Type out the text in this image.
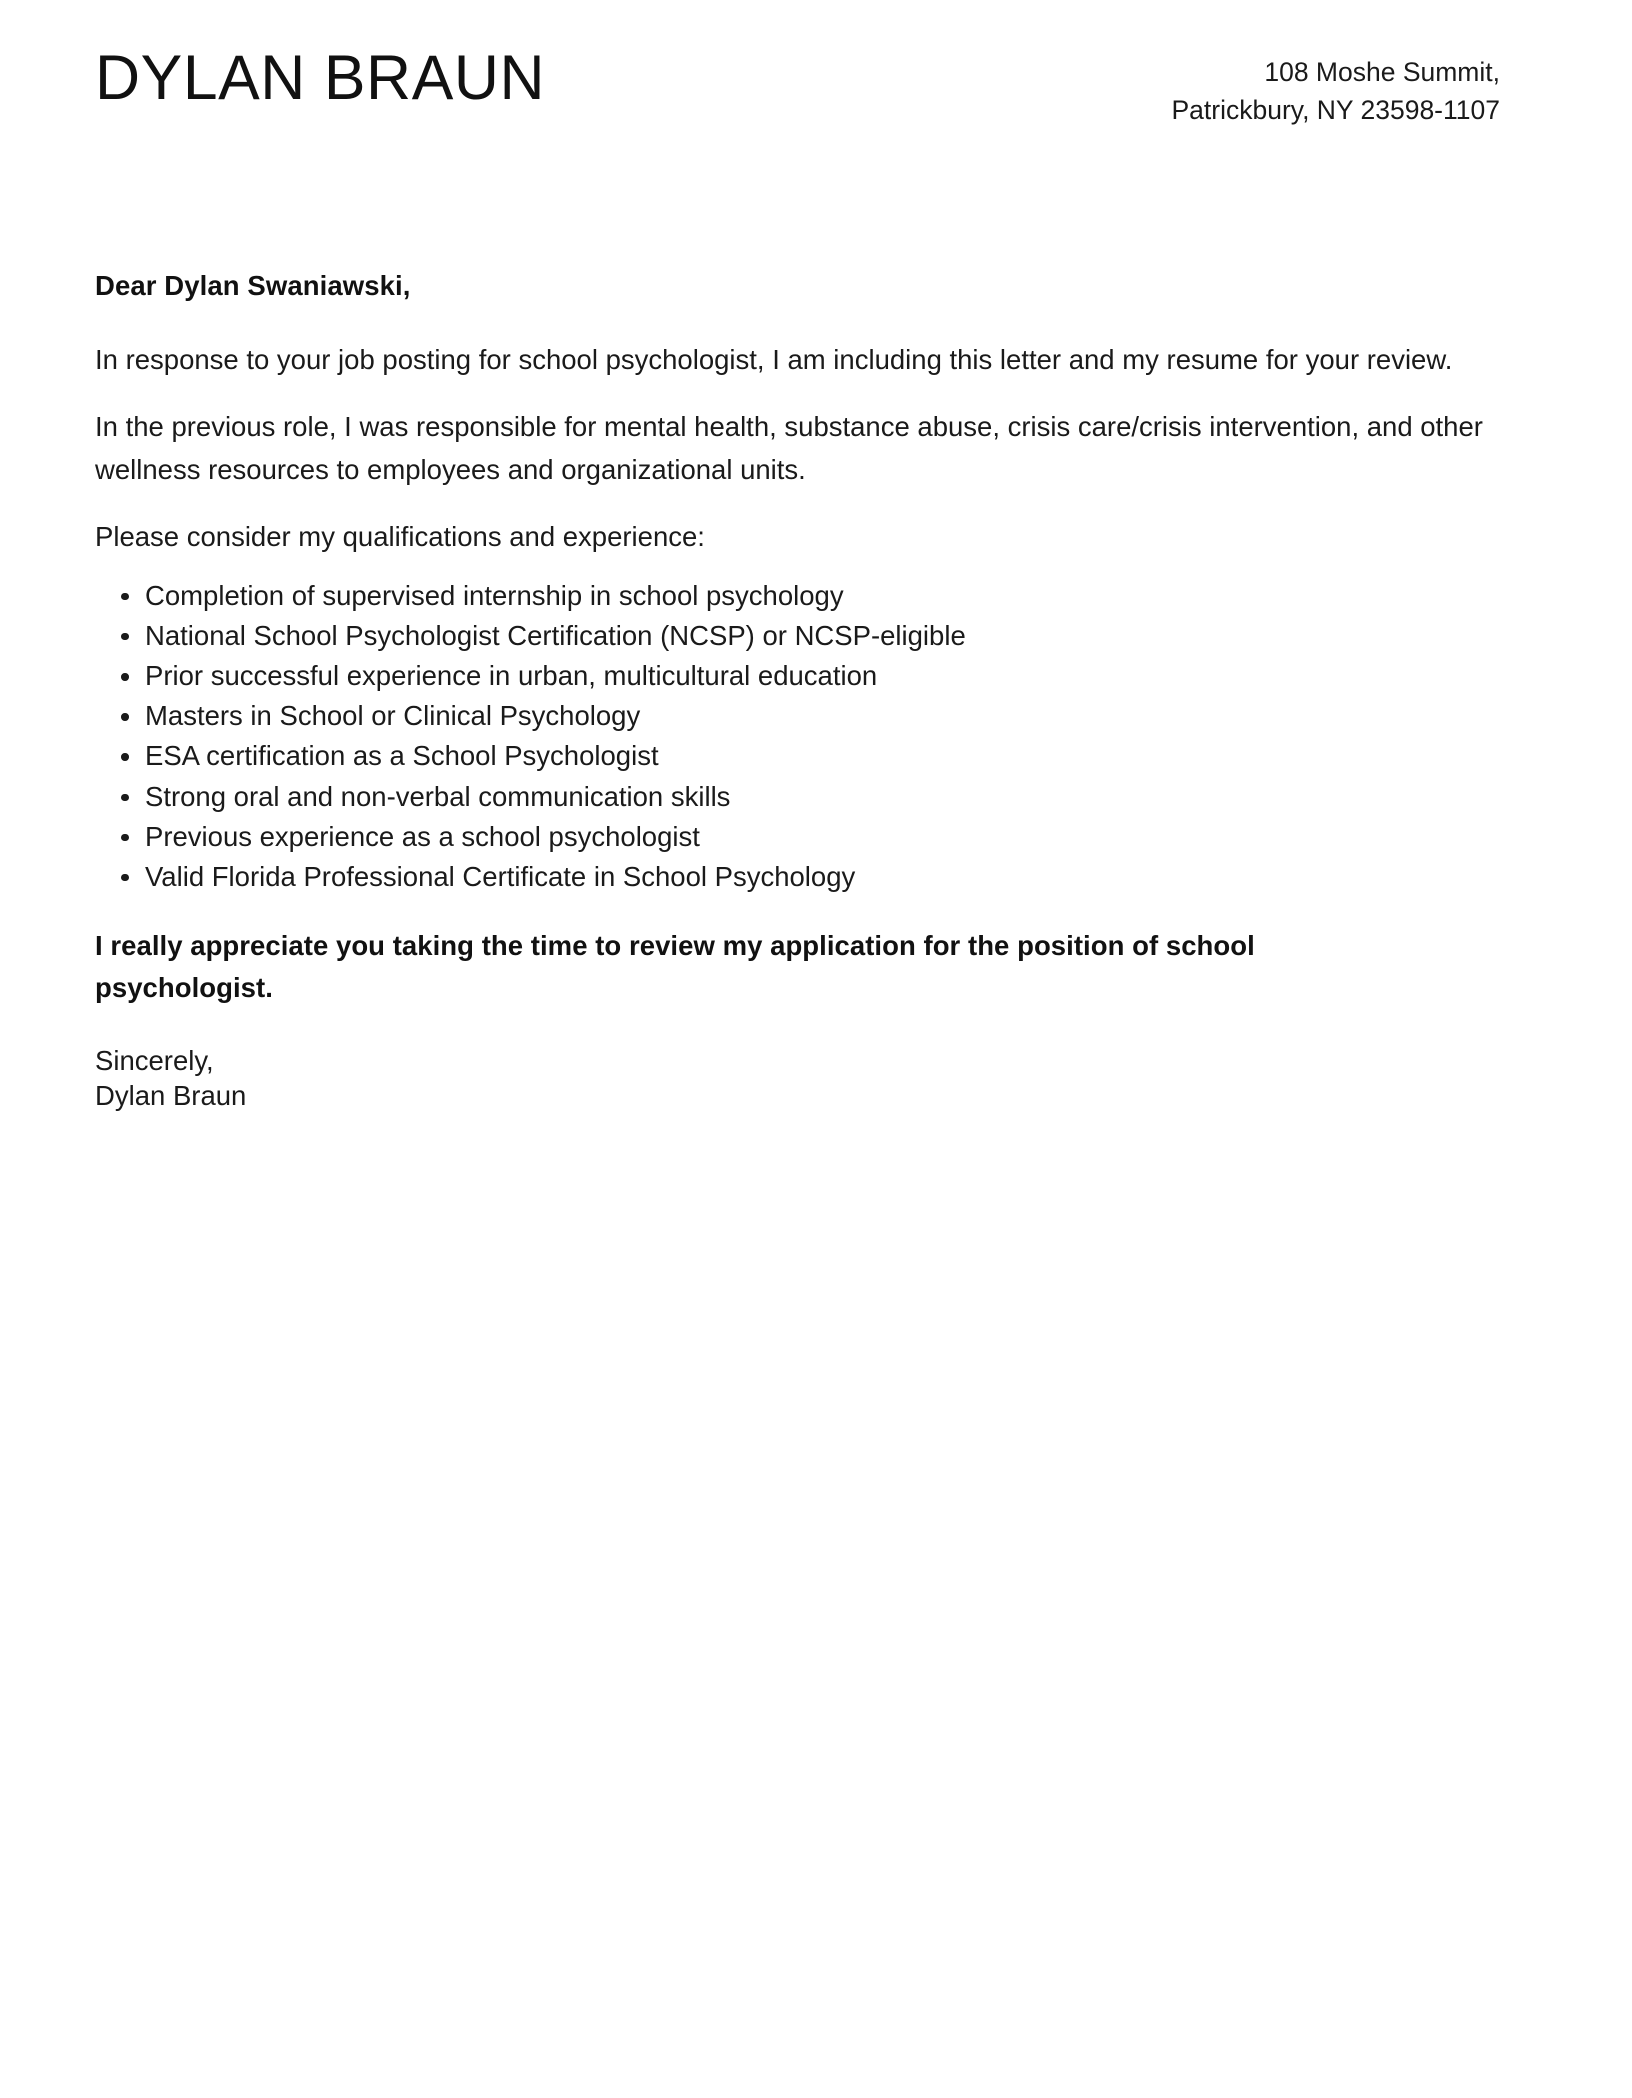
DYLAN BRAUN	108 Moshe Summit,
Patrickbury, NY 23598-1107

Dear Dylan Swaniawski,

In response to your job posting for school psychologist, I am including this letter and my resume for your review.

In the previous role, I was responsible for mental health, substance abuse, crisis care/crisis intervention, and other wellness resources to employees and organizational units.

Please consider my qualifications and experience:

Completion of supervised internship in school psychology
National School Psychologist Certification (NCSP) or NCSP-eligible
Prior successful experience in urban, multicultural education
Masters in School or Clinical Psychology
ESA certification as a School Psychologist
Strong oral and non-verbal communication skills
Previous experience as a school psychologist
Valid Florida Professional Certificate in School Psychology

I really appreciate you taking the time to review my application for the position of school psychologist.

Sincerely,
Dylan Braun
